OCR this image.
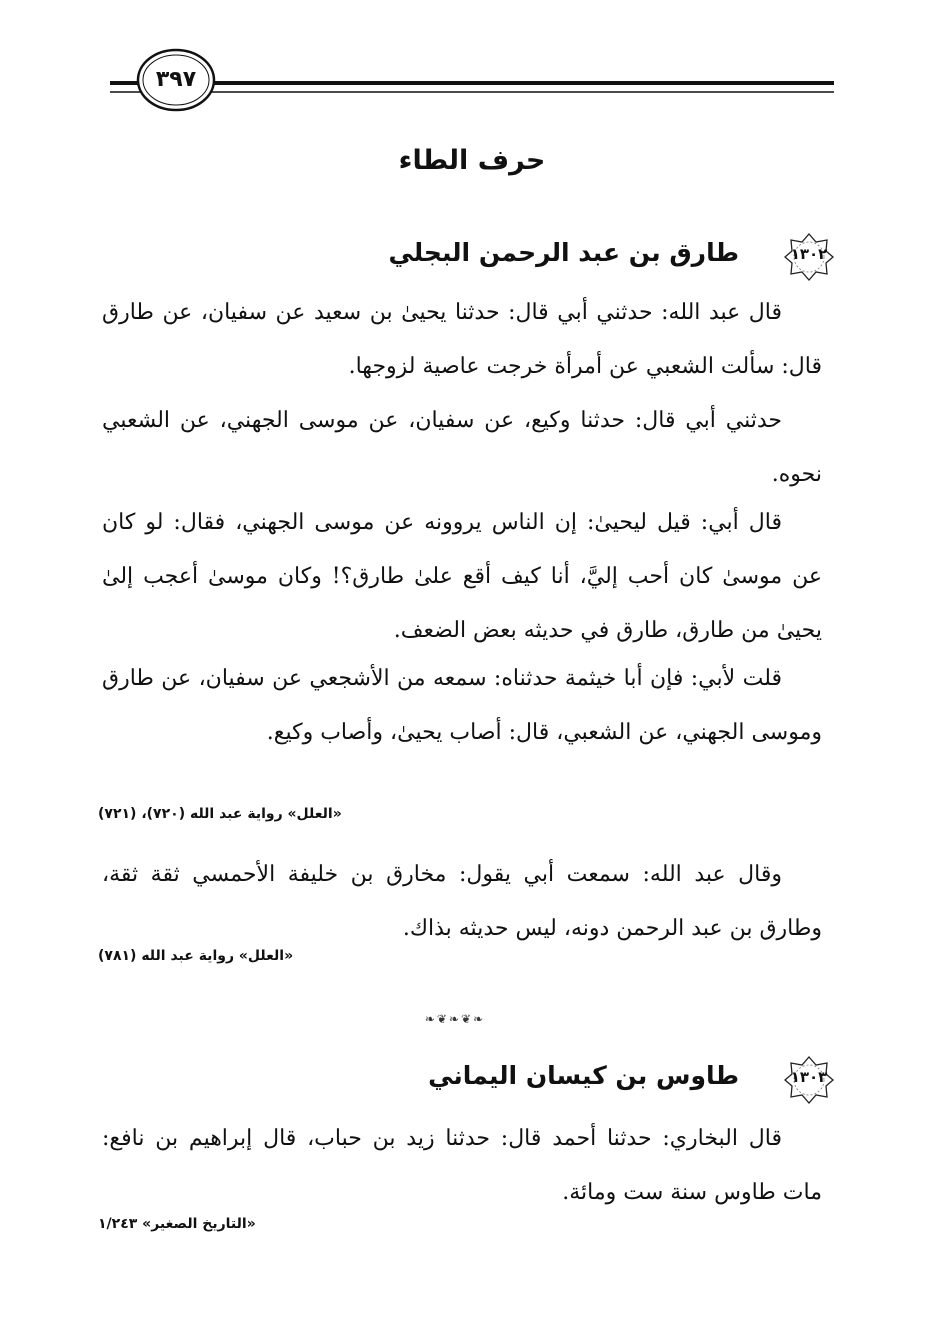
٣٩٧
حرف الطاء
١٣٠٢
طارق بن عبد الرحمن البجلي

قال عبد الله: حدثني أبي قال: حدثنا يحيىٰ بن سعيد عن سفيان، عن طارق قال: سألت الشعبي عن أمرأة خرجت عاصية لزوجها.

حدثني أبي قال: حدثنا وكيع، عن سفيان، عن موسى الجهني، عن الشعبي نحوه.

قال أبي: قيل ليحيىٰ: إن الناس يروونه عن موسى الجهني، فقال: لو كان عن موسىٰ كان أحب إليَّ، أنا كيف أقع علىٰ طارق؟! وكان موسىٰ أعجب إلىٰ يحيىٰ من طارق، طارق في حديثه بعض الضعف.

قلت لأبي: فإن أبا خيثمة حدثناه: سمعه من الأشجعي عن سفيان، عن طارق وموسى الجهني، عن الشعبي، قال: أصاب يحيىٰ، وأصاب وكيع.

«العلل» رواية عبد الله (٧٢٠)، (٧٢١)

وقال عبد الله: سمعت أبي يقول: مخارق بن خليفة الأحمسي ثقة ثقة، وطارق بن عبد الرحمن دونه، ليس حديثه بذاك.

«العلل» رواية عبد الله (٧٨١)
❧❦❧❦❧
١٣٠٣
طاوس بن كيسان اليماني

قال البخاري: حدثنا أحمد قال: حدثنا زيد بن حباب، قال إبراهيم بن نافع: مات طاوس سنة ست ومائة.

«التاريخ الصغير» ١/٢٤٣
